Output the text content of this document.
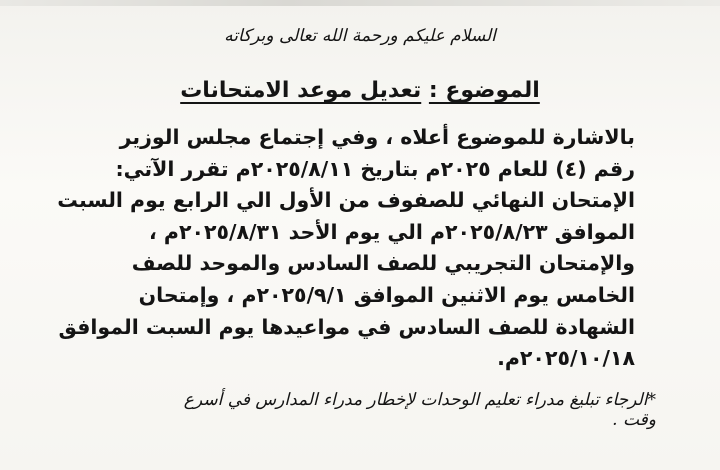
السلام عليكم ورحمة الله تعالى وبركاته
الموضوع : تعديل موعد الامتحانات
بالاشارة للموضوع أعلاه ، وفي إجتماع مجلس الوزير
رقم (٤) للعام ٢٠٢٥م بتاريخ ٢٠٢٥/٨/١١م تقرر الآتي:
الإمتحان النهائي للصفوف من الأول الي الرابع يوم السبت
الموافق ٢٠٢٥/٨/٢٣م الي يوم الأحد ٢٠٢٥/٨/٣١م ،
والإمتحان التجريبي للصف السادس والموحد للصف
الخامس يوم الاثنين الموافق ٢٠٢٥/٩/١م ، وإمتحان
الشهادة للصف السادس في مواعيدها يوم السبت الموافق
٢٠٢٥/١٠/١٨م.
*الرجاء تبليغ مدراء تعليم الوحدات لإخطار مدراء المدارس في أسرع وقت .
